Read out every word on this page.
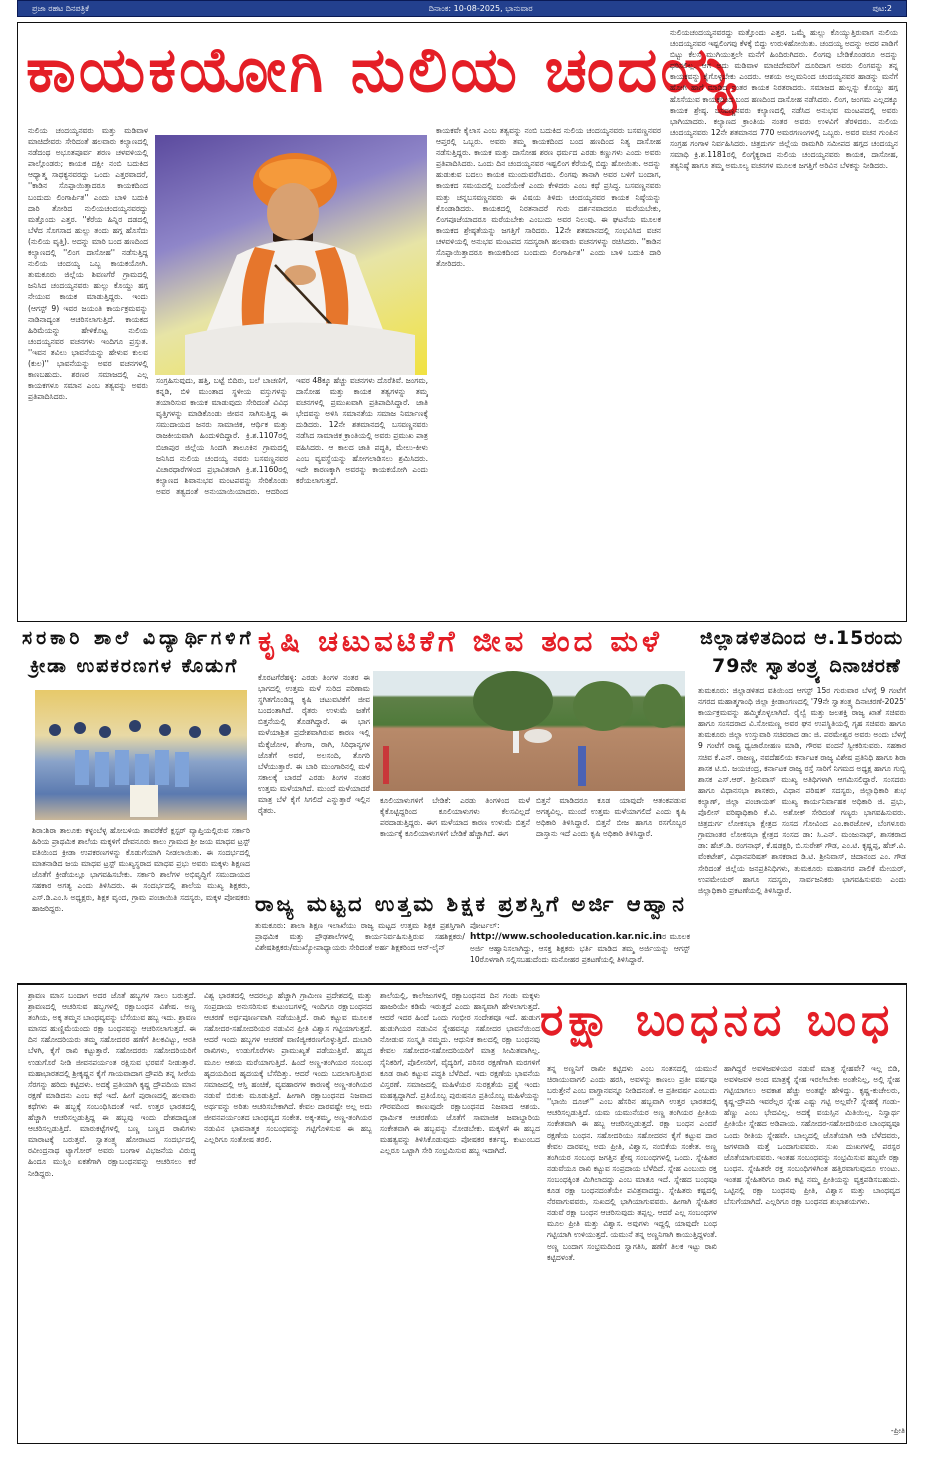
ಪ್ರಜಾ ರಹಟ ದಿನಪತ್ರಿಕೆ	ದಿನಾಂಕ: 10-08-2025, ಭಾನುವಾರ	ಪುಟ:2
ಕಾಯಕಯೋಗಿ ನುಲಿಯ ಚಂದಯ್ಯ
ನುಲಿಯ ಚಂದಯ್ಯನವರು ಮತ್ತು ಮಡಿವಾಳ ಮಾಚಿದೇವರು ಸೇರಿದಂತೆ ಹಲವಾರು ಕಲ್ಯಾಣದಲ್ಲಿ ನಡೆದಂಥ ಅಭೂತಪೂರ್ವ ಶರಣ ಚಳವಳಿಯಲ್ಲಿ ಪಾಲ್ಗೊಂಡರು; ಕಾಯಕ ದಕ್ಷೀ ನಂಬಿ ಬದುಕಿದ ಆಧ್ಯಾತ್ಮ ಸಾಧಕ್ಯನವರದ್ದು ಒಂದು ಎತ್ತರವಾದರೆ, ''ಕಾಡಿನ ಸೊಪ್ಪಾಯಿತ್ತಾದರೂ ಕಾಯಕದಿಂದ ಬಂದುದು ಲಿಂಗಾರ್ಪಿತ'' ಎಂದು ಬಾಳಿ ಬದುಕಿ ದಾರಿ ತೋರಿದ ನುಲಿಯಚಂದಯ್ಯನವರದ್ದು ಮತ್ತೊಂದು ಎತ್ತರ. ''ಕೆರೆಯ ಹಿನ್ನಿರ ದಡದಲ್ಲಿ ಬೆಳೆದ ಸೊಗಸಾದ ಹುಲ್ಲು ತಂದು ಹಗ್ಗ ಹೊಸೆದು (ನುಲಿಯ ವೃತ್ತಿ). ಅದನ್ನು ಮಾರಿ ಬಂದ ಹಣದಿಂದ ಕಲ್ಯಾಣದಲ್ಲಿ ''ಲಿಂಗ ದಾಸೋಹ'' ನಡೆಸುತ್ತಿದ್ದ ನುಲಿಯ ಚಂದಯ್ಯ ಒಬ್ಬ ಕಾಯಕಯೋಗಿ. ತುಮಕೂರು ಜಿಲ್ಲೆಯ ಶಿವಣಗೆರೆ ಗ್ರಾಮದಲ್ಲಿ ಜನಿಸಿದ ಚಂದಯ್ಯನವರು ಹುಲ್ಲು ಕೊಯ್ದು ಹಗ್ಗ ನೇಯುವ ಕಾಯಕ ಮಾಡುತ್ತಿದ್ದರು. ಇಂದು (ಆಗಸ್ಟ್ 9) ಇವರ ಜಯಂತಿ ಕಾರ್ಯಕ್ರಮವನ್ನು ನಾಡಿನಾದ್ಯಂತ ಆಚರಿಸಲಾಗುತ್ತಿದೆ. ಕಾಯಕದ ಹಿರಿಮೆಯನ್ನು ಹೇಳಿಕೊಟ್ಟ ನುಲಿಯ ಚಂದಯ್ಯನವರ ವಚನಗಳು ಇಂದಿಗೂ ಪ್ರಸ್ತುತ. ''ಇವನ ತವಿಲು ಭಾವನೆಯನ್ನು ಹೇಳುವ ಕುಲವ (ಕುಲ)'' ಭಾವನೆಯನ್ನು ಅವರ ವಚನಗಳಲ್ಲಿ ಕಾಣಬಹುದು. ಶರಣರ ಸಮಾಜದಲ್ಲಿ ಎಲ್ಲ ಕಾಯಕಗಳೂ ಸಮಾನ ಎಂಬ ತತ್ವವನ್ನು ಅವರು ಪ್ರತಿಪಾದಿಸಿದರು.
ಸಂಗ್ರಹಿಸುವುದು, ಹತ್ತಿ, ಬಟ್ಟೆ ಬಿದಿರು, ಬಲೆ ಬಾಚಣಿಗೆ, ಕನ್ನಡಿ, ಬಿಳಿ ಮುಂತಾದ ಸ್ಥಳೀಯ ವಸ್ತುಗಳನ್ನು ತಯಾರಿಸುವ ಕಾಯಕ ಮಾಡುವುದು ಸೇರಿದಂತೆ ವಿವಿಧ ವೃತ್ತಿಗಳನ್ನು ಮಾಡಿಕೊಂಡು ಜೀವನ ಸಾಗಿಸುತ್ತಿದ್ದ ಈ ಸಮುದಾಯದ ಜನರು ಸಾಮಾಜಿಕ, ಆರ್ಥಿಕ ಮತ್ತು ರಾಜಕೀಯವಾಗಿ ಹಿಂದುಳಿದಿದ್ದಾರೆ. ಕ್ರಿ.ಶ.1107ರಲ್ಲಿ ಬಿಜಾಪುರ ಜಿಲ್ಲೆಯ ಸಿಂದಗಿ ತಾಲೂಕಿನ ಗ್ರಾಮದಲ್ಲಿ ಜನಿಸಿದ ನುಲಿಯ ಚಂದಯ್ಯ ನವರು ಬಸವಣ್ಣನವರ ವಿಚಾರಧಾರೆಗಳಿಂದ ಪ್ರಭಾವಿತರಾಗಿ ಕ್ರಿ.ಶ.1160ರಲ್ಲಿ ಕಲ್ಯಾಣದ ಶಿವಾನುಭವ ಮಂಟಪವನ್ನು ಸೇರಿಕೊಂಡು ಅವರ ತತ್ವದಂತೆ ಅನುಯಾಯಿಯಾದರು. ಆದರಿಂದ ಇವರ 48ಕ್ಕೂ ಹೆಚ್ಚು ವಚನಗಳು ದೊರೆತಿವೆ. ಜಂಗಮ, ದಾಸೋಹ ಮತ್ತು ಕಾಯಕ ತತ್ವಗಳನ್ನು ತಮ್ಮ ವಚನಗಳಲ್ಲಿ ಪ್ರಮುಖವಾಗಿ ಪ್ರತಿಪಾದಿಸಿದ್ದಾರೆ. ಜಾತಿ ಭೇದವನ್ನು ಅಳಿಸಿ ಸಮಾನತೆಯ ಸಮಾಜ ನಿರ್ಮಾಣಕ್ಕೆ ದುಡಿದರು. 12ನೇ ಶತಮಾನದಲ್ಲಿ ಬಸವಣ್ಣನವರು ನಡೆಸಿದ ಸಾಮಾಜಿಕ ಕ್ರಾಂತಿಯಲ್ಲಿ ಅವರು ಪ್ರಮುಖ ಪಾತ್ರ ವಹಿಸಿದರು. ಆ ಕಾಲದ ಜಾತಿ ಪದ್ಧತಿ, ಮೇಲು-ಕೀಳು ಎಂಬ ವ್ಯವಸ್ಥೆಯನ್ನು ಹೋಗಲಾಡಿಸಲು ಶ್ರಮಿಸಿದರು. ಇದೇ ಕಾರಣಕ್ಕಾಗಿ ಅವರನ್ನು ಕಾಯಕಯೋಗಿ ಎಂದು ಕರೆಯಲಾಗುತ್ತದೆ.
ಕಾಯಕವೇ ಕೈಲಾಸ ಎಂಬ ತತ್ವವನ್ನು ನಂಬಿ ಬದುಕಿದ ನುಲಿಯ ಚಂದಯ್ಯನವರು ಬಸವಣ್ಣನವರ ಆಪ್ತರಲ್ಲಿ ಒಬ್ಬರು. ಅವರು ತಮ್ಮ ಕಾಯಕದಿಂದ ಬಂದ ಹಣದಿಂದ ನಿತ್ಯ ದಾಸೋಹ ನಡೆಸುತ್ತಿದ್ದರು. ಕಾಯಕ ಮತ್ತು ದಾಸೋಹ ಶರಣ ಧರ್ಮದ ಎರಡು ಕಣ್ಣುಗಳು ಎಂದು ಅವರು ಪ್ರತಿಪಾದಿಸಿದರು. ಒಂದು ದಿನ ಚಂದಯ್ಯನವರ ಇಷ್ಟಲಿಂಗ ಕೆರೆಯಲ್ಲಿ ಬಿದ್ದು ಹೋಯಿತು. ಅದನ್ನು ಹುಡುಕುವ ಬದಲು ಕಾಯಕ ಮುಂದುವರೆಸಿದರು. ಲಿಂಗವು ತಾನಾಗಿ ಅವರ ಬಳಿಗೆ ಬಂದಾಗ, ಕಾಯಕದ ಸಮಯದಲ್ಲಿ ಬಂದೆಯೇಕೆ ಎಂದು ಕೇಳಿದರು ಎಂಬ ಕಥೆ ಪ್ರಸಿದ್ಧ. ಬಸವಣ್ಣನವರು ಮತ್ತು ಚನ್ನಬಸವಣ್ಣನವರು ಈ ವಿಷಯ ತಿಳಿದು ಚಂದಯ್ಯನವರ ಕಾಯಕ ನಿಷ್ಠೆಯನ್ನು ಕೊಂಡಾಡಿದರು. ಕಾಯಕದಲ್ಲಿ ನಿರತನಾದರೆ ಗುರು ದರ್ಶನವಾದರೂ ಮರೆಯಬೇಕು, ಲಿಂಗಪೂಜೆಯಾದರೂ ಮರೆಯಬೇಕು ಎಂಬುದು ಅವರ ನಿಲುವು. ಈ ಘಟನೆಯ ಮೂಲಕ ಕಾಯಕದ ಶ್ರೇಷ್ಠತೆಯನ್ನು ಜಗತ್ತಿಗೆ ಸಾರಿದರು. 12ನೇ ಶತಮಾನದಲ್ಲಿ ಸಂಭವಿಸಿದ ವಚನ ಚಳವಳಿಯಲ್ಲಿ ಅನುಭವ ಮಂಟಪದ ಸದಸ್ಯರಾಗಿ ಹಲವಾರು ವಚನಗಳನ್ನು ರಚಿಸಿದರು. ''ಕಾಡಿನ ಸೊಪ್ಪಾಯಿತ್ತಾದರೂ ಕಾಯಕದಿಂದ ಬಂದುದು ಲಿಂಗಾರ್ಪಿತ'' ಎಂದು ಬಾಳಿ ಬದುಕಿ ದಾರಿ ತೋರಿದರು.
ನುಲಿಯಚಂದಯ್ಯನವರದ್ದು ಮತ್ತೊಂದು ಎತ್ತರ. ಒಮ್ಮೆ ಹುಲ್ಲು ಕೊಯ್ಯುತ್ತಿರುವಾಗ ನುಲಿಯ ಚಂದಯ್ಯನವರ ಇಷ್ಟಲಿಂಗವು ಕೆಳಕ್ಕೆ ಬಿದ್ದು ಉರುಳಿಹೋಯಿತು. ಚಂದಯ್ಯ ಅದನ್ನು ಅದರ ಪಾಡಿಗೆ ಬಿಟ್ಟು ಕೆಲಸ ಮುಗಿಯುತ್ತಲೇ ಮನೆಗೆ ಹಿಂದಿರುಗಿದರು. ಲಿಂಗವು ಬೇಡಿಕೊಂಡರೂ ಅದನ್ನು ಧರಿಸಲಿಲ್ಲ. ಆಗ ಅದು ಮಡಿವಾಳ ಮಾಚಿದೇವರಿಗೆ ದೂರಿದಾಗ ಅವರು ಲಿಂಗವನ್ನು ತನ್ನ ಕಾಯಕವನ್ನು ಕೈಗೊಳ್ಳಬೇಕು ಎಂದರು. ಆಶಯ ಅಲ್ಲಮನಿಂದ ಚಂದಯ್ಯನವರ ಹಾಡನ್ನು ಮನೆಗೆ ಹೋಗಿ ಹಾಗೆ ಮಾಡಿದ ನಂತರ ಕಾಯಕ ನಿರತರಾದರು. ಸಮಾಜದ ಹುಲ್ಲನ್ನು ಕೊಯ್ದು ಹಗ್ಗ ಹೊಸೆಯುವ ಕಾಯಕದಿಂದ ಬಂದ ಹಣದಿಂದ ದಾಸೋಹ ನಡೆಸಿದರು. ಲಿಂಗ, ಜಂಗಮ ಎಲ್ಲದಕ್ಕೂ ಕಾಯಕ ಶ್ರೇಷ್ಠ. ಬಸವಣ್ಣನವರು ಕಲ್ಯಾಣದಲ್ಲಿ ನಡೆಸಿದ ಅನುಭವ ಮಂಟಪದಲ್ಲಿ ಅವರು ಭಾಗಿಯಾದರು. ಕಲ್ಯಾಣದ ಕ್ರಾಂತಿಯ ನಂತರ ಅವರು ಉಳವಿಗೆ ತೆರಳಿದರು. ನುಲಿಯ ಚಂದಯ್ಯನವರು 12ನೇ ಶತಮಾನದ 770 ಅಮರಗಣಂಗಳಲ್ಲಿ ಒಬ್ಬರು. ಅವರ ವಚನ ಗುಂಪಿನ ಸಂಗ್ರಹ ಗಂಗಾಳ ನಿರ್ವಹಿಸಿದರು. ಚಿತ್ರದುರ್ಗ ಜಿಲ್ಲೆಯ ರಾಮಗಿರಿ ಸಮೀಪದ ಹಗ್ಗದ ಚಂದಯ್ಯನ ಸಮಾಧಿ ಕ್ರಿ.ಶ.1181ರಲ್ಲಿ ಲಿಂಗೈಕ್ಯರಾದ ನುಲಿಯ ಚಂದಯ್ಯನವರು ಕಾಯಕ, ದಾಸೋಹ, ತತ್ವನಿಷ್ಠೆ ಹಾಗೂ ತಮ್ಮ ಅಮೂಲ್ಯ ವಚನಗಳ ಮೂಲಕ ಜಗತ್ತಿಗೆ ಅರಿವಿನ ಬೆಳಕನ್ನು ನೀಡಿದರು.
ಸರಕಾರಿ ಶಾಲೆ ವಿದ್ಯಾರ್ಥಿಗಳಿಗೆ
ಕ್ರೀಡಾ ಉಪಕರಣಗಳ ಕೊಡುಗೆ
ಶಿರಾ:ಶಿರಾ ತಾಲೂಕು ಕಳ್ಳಂಬೆಳ್ಳ ಹೋಬಳಿಯ ತಾವರೆಕೆರೆ ಕ್ಲಸ್ಟರ್ ವ್ಯಾಪ್ತಿಯಲ್ಲಿರುವ ಸರ್ಕಾರಿ ಹಿರಿಯ ಪ್ರಾಥಮಿಕ ಶಾಲೆಯ ಮಕ್ಕಳಿಗೆ ದೇವನೂರು ಕಾಲು ಗ್ರಾಮದ ಶ್ರೀ ಜಯ ಮಾಧವ ಟ್ರಸ್ಟ್ ವತಿಯಿಂದ ಕ್ರೀಡಾ ಉಪಕರಣಗಳನ್ನು ಕೊಡುಗೆಯಾಗಿ ನೀಡಲಾಯಿತು. ಈ ಸಂದರ್ಭದಲ್ಲಿ ಮಾತನಾಡಿದ ಜಯ ಮಾಧವ ಟ್ರಸ್ಟ್ ಮುಖ್ಯಸ್ಥರಾದ ಮಾಧವ ಪ್ರಭು ಅವರು ಮಕ್ಕಳು ಶಿಕ್ಷಣದ ಜೊತೆಗೆ ಕ್ರೀಡೆಯಲ್ಲೂ ಭಾಗವಹಿಸಬೇಕು. ಸರ್ಕಾರಿ ಶಾಲೆಗಳ ಅಭಿವೃದ್ಧಿಗೆ ಸಮುದಾಯದ ಸಹಕಾರ ಅಗತ್ಯ ಎಂದು ತಿಳಿಸಿದರು. ಈ ಸಂದರ್ಭದಲ್ಲಿ ಶಾಲೆಯ ಮುಖ್ಯ ಶಿಕ್ಷಕರು, ಎಸ್.ಡಿ.ಎಂ.ಸಿ ಅಧ್ಯಕ್ಷರು, ಶಿಕ್ಷಕ ವೃಂದ, ಗ್ರಾಮ ಪಂಚಾಯಿತಿ ಸದಸ್ಯರು, ಮಕ್ಕಳ ಪೋಷಕರು ಹಾಜರಿದ್ದರು.
ಕೃಷಿ ಚಟುವಟಿಕೆಗೆ ಜೀವ ತಂದ ಮಳೆ
ಕೊರಟಗೆರೆಹಳ್ಳಿ: ಎರಡು ತಿಂಗಳ ನಂತರ ಈ ಭಾಗದಲ್ಲಿ ಉತ್ತಮ ಮಳೆ ಸುರಿದ ಪರಿಣಾಮ ಸ್ಥಗಿತಗೊಂಡಿದ್ದ ಕೃಷಿ ಚಟುವಟಿಕೆಗೆ ಜೀವ ಬಂದಂತಾಗಿದೆ. ರೈತರು ಉಳುಮೆ ಜತೆಗೆ ಬಿತ್ತನೆಯಲ್ಲಿ ತೊಡಗಿದ್ದಾರೆ. ಈ ಭಾಗ ಮಳೆಯಾಶ್ರಿತ ಪ್ರದೇಶವಾಗಿರುವ ಕಾರಣ ಇಲ್ಲಿ ಮೆಕ್ಕೆಜೋಳ, ಶೇಂಗಾ, ರಾಗಿ, ಸಿರಿಧಾನ್ಯಗಳ ಜೊತೆಗೆ ಅವರೆ, ಅಲಸಂದಿ, ತೊಗರಿ ಬೆಳೆಯುತ್ತಾರೆ. ಈ ಬಾರಿ ಮುಂಗಾರಿನಲ್ಲಿ ಮಳೆ ಸಕಾಲಕ್ಕೆ ಬಾರದೆ ಎರಡು ತಿಂಗಳ ನಂತರ ಉತ್ತಮ ಮಳೆಯಾಗಿದೆ. ಮುಂದೆ ಮಳೆಯಾದರೆ ಮಾತ್ರ ಬೆಳೆ ಕೈಗೆ ಸಿಗಲಿದೆ ಎನ್ನುತ್ತಾರೆ ಇಲ್ಲಿನ ರೈತರು.
ಕೂಲಿಯಾಳುಗಳಿಗೆ ಬೇಡಿಕೆ: ಎರಡು ತಿಂಗಳಿಂದ ಮಳೆ ಕೈಕೊಟ್ಟಿದ್ದರಿಂದ ಕೂಲಿಯಾಳುಗಳು ಕೆಲಸವಿಲ್ಲದೆ ಪರದಾಡುತ್ತಿದ್ದರು. ಈಗ ಮಳೆಯಾದ ಕಾರಣ ಉಳುಮೆ ಬಿತ್ತನೆ ಕಾರ್ಯಕ್ಕೆ ಕೂಲಿಯಾಳುಗಳಿಗೆ ಬೇಡಿಕೆ ಹೆಚ್ಚಾಗಿದೆ. ಈಗ
ಬಿತ್ತನೆ ಮಾಡಿದರೂ ಕೂಡ ಯಾವುದೇ ಆತಂಕಪಡುವ ಅಗತ್ಯವಿಲ್ಲ. ಮುಂದೆ ಉತ್ತಮ ಮಳೆಯಾಗಲಿದೆ ಎಂದು ಕೃಷಿ ಅಧಿಕಾರಿ ತಿಳಿಸಿದ್ದಾರೆ. ಬಿತ್ತನೆ ಬೀಜ ಹಾಗೂ ರಸಗೊಬ್ಬರ ದಾಸ್ತಾನು ಇದೆ ಎಂದು ಕೃಷಿ ಅಧಿಕಾರಿ ತಿಳಿಸಿದ್ದಾರೆ.
ರಾಜ್ಯ ಮಟ್ಟದ ಉತ್ತಮ ಶಿಕ್ಷಕ ಪ್ರಶಸ್ತಿಗೆ ಅರ್ಜಿ ಆಹ್ವಾನ
ತುಮಕೂರು: ಶಾಲಾ ಶಿಕ್ಷಣ ಇಲಾಖೆಯು ರಾಜ್ಯ ಮಟ್ಟದ ಉತ್ತಮ ಶಿಕ್ಷಕ ಪ್ರಶಸ್ತಿಗಾಗಿ ಪ್ರಾಥಮಿಕ ಮತ್ತು ಪ್ರೌಢಶಾಲೆಗಳಲ್ಲಿ ಕಾರ್ಯನಿರ್ವಹಿಸುತ್ತಿರುವ ಸಹಶಿಕ್ಷಕರು/ವಿಶೇಷಶಿಕ್ಷಕರು/ಮುಖ್ಯೋಪಾಧ್ಯಾಯರು ಸೇರಿದಂತೆ ಅರ್ಹ ಶಿಕ್ಷಕರಿಂದ ಆನ್-ಲೈನ್
ಪೋರ್ಟಲ್: http://www.schooleducation.kar.nic.inರ ಮೂಲಕ ಅರ್ಜಿ ಆಹ್ವಾನಿಸಲಾಗಿದ್ದು, ಆಸಕ್ತ ಶಿಕ್ಷಕರು ಭರ್ತಿ ಮಾಡಿದ ತಮ್ಮ ಅರ್ಜಿಯನ್ನು ಆಗಸ್ಟ್ 10ರೊಳಗಾಗಿ ಸಲ್ಲಿಸಬಹುದೆಂದು ಮನೋಹರ ಪ್ರಕಟಣೆಯಲ್ಲಿ ತಿಳಿಸಿದ್ದಾರೆ.
ಜಿಲ್ಲಾಡಳಿತದಿಂದ ಆ.15ರಂದು
79ನೇ ಸ್ವಾತಂತ್ರ್ಯ ದಿನಾಚರಣೆ
ತುಮಕೂರು: ಜಿಲ್ಲಾಡಳಿತದ ವತಿಯಿಂದ ಆಗಸ್ಟ್ 15ರ ಗುರುವಾರ ಬೆಳಗ್ಗೆ 9 ಗಂಟೆಗೆ ನಗರದ ಮಹಾತ್ಮಗಾಂಧಿ ಜಿಲ್ಲಾ ಕ್ರೀಡಾಂಗಣದಲ್ಲಿ '79ನೇ ಸ್ವಾತಂತ್ರ್ಯ ದಿನಾಚರಣೆ-2025' ಕಾರ್ಯಕ್ರಮವನ್ನು ಹಮ್ಮಿಕೊಳ್ಳಲಾಗಿದೆ. ರೈಲ್ವೆ ಮತ್ತು ಜಲಶಕ್ತಿ ರಾಜ್ಯ ಖಾತೆ ಸಚಿವರು ಹಾಗೂ ಸಂಸದರಾದ ವಿ.ಸೋಮಣ್ಣ ಅವರ ಘನ ಉಪಸ್ಥಿತಿಯಲ್ಲಿ ಗೃಹ ಸಚಿವರು ಹಾಗೂ ತುಮಕೂರು ಜಿಲ್ಲಾ ಉಸ್ತುವಾರಿ ಸಚಿವರಾದ ಡಾ: ಜಿ. ಪರಮೇಶ್ವರ ಅವರು ಅಂದು ಬೆಳಗ್ಗೆ 9 ಗಂಟೆಗೆ ರಾಷ್ಟ್ರ ಧ್ವಜಾರೋಹಣ ಮಾಡಿ, ಗೌರವ ವಂದನೆ ಸ್ವೀಕರಿಸುವರು. ಸಹಕಾರ ಸಚಿವ ಕೆ.ಎನ್. ರಾಜಣ್ಣ, ನವದೆಹಲಿಯ ಕರ್ನಾಟಕ ರಾಜ್ಯ ವಿಶೇಷ ಪ್ರತಿನಿಧಿ ಹಾಗೂ ಶಿರಾ ಶಾಸಕ ಟಿ.ಬಿ. ಜಯಚಂದ್ರ, ಕರ್ನಾಟಕ ರಾಜ್ಯ ರಸ್ತೆ ಸಾರಿಗೆ ನಿಗಮದ ಅಧ್ಯಕ್ಷ ಹಾಗೂ ಗುಬ್ಬಿ ಶಾಸಕ ಎಸ್.ಆರ್. ಶ್ರೀನಿವಾಸ್ ಮುಖ್ಯ ಅತಿಥಿಗಳಾಗಿ ಆಗಮಿಸಲಿದ್ದಾರೆ. ಸಂಸದರು ಹಾಗೂ ವಿಧಾನಸಭಾ ಶಾಸಕರು, ವಿಧಾನ ಪರಿಷತ್ ಸದಸ್ಯರು, ಜಿಲ್ಲಾಧಿಕಾರಿ ಶುಭ ಕಲ್ಯಾಣ್, ಜಿಲ್ಲಾ ಪಂಚಾಯತ್ ಮುಖ್ಯ ಕಾರ್ಯನಿರ್ವಾಹಕ ಅಧಿಕಾರಿ ಜಿ. ಪ್ರಭು, ಪೊಲೀಸ್ ವರಿಷ್ಠಾಧಿಕಾರಿ ಕೆ.ವಿ. ಅಶೋಕ್ ಸೇರಿದಂತೆ ಗಣ್ಯರು ಭಾಗವಹಿಸುವರು. ಚಿತ್ರದುರ್ಗ ಲೋಕಸಭಾ ಕ್ಷೇತ್ರದ ಸಂಸದ ಗೋವಿಂದ ಎಂ.ಕಾರಜೋಳ, ಬೆಂಗಳೂರು ಗ್ರಾಮಾಂತರ ಲೋಕಸಭಾ ಕ್ಷೇತ್ರದ ಸಂಸದ ಡಾ: ಸಿ.ಎನ್. ಮಂಜುನಾಥ್, ಶಾಸಕರಾದ ಡಾ: ಹೆಚ್.ಡಿ. ರಂಗನಾಥ್, ಕೆ.ಷಡಕ್ಷರಿ, ಬಿ.ಸುರೇಶ್ ಗೌಡ, ಎಂ.ಟಿ. ಕೃಷ್ಣಪ್ಪ, ಹೆಚ್.ವಿ. ವೆಂಕಟೇಶ್, ವಿಧಾನಪರಿಷತ್ ಶಾಸಕರಾದ ಡಿ.ಟಿ. ಶ್ರೀನಿವಾಸ್, ಚಿದಾನಂದ ಎಂ. ಗೌಡ ಸೇರಿದಂತೆ ಜಿಲ್ಲೆಯ ಜನಪ್ರತಿನಿಧಿಗಳು, ತುಮಕೂರು ಮಹಾನಗರ ಪಾಲಿಕೆ ಮೇಯರ್, ಉಪಮೇಯರ್ ಹಾಗೂ ಸದಸ್ಯರು, ಸಾರ್ವಜನಿಕರು ಭಾಗವಹಿಸುವರು ಎಂದು ಜಿಲ್ಲಾಧಿಕಾರಿ ಪ್ರಕಟಣೆಯಲ್ಲಿ ತಿಳಿಸಿದ್ದಾರೆ.
ರಕ್ಷಾ ಬಂಧನದ ಬಂಧ
ಶ್ರಾವಣ ಮಾಸ ಬಂದಾಗ ಅದರ ಜೊತೆ ಹಬ್ಬಗಳ ಸಾಲು ಬರುತ್ತದೆ. ಶ್ರಾವಣದಲ್ಲಿ ಆಚರಿಸುವ ಹಬ್ಬಗಳಲ್ಲಿ ರಕ್ಷಾಬಂಧನ ವಿಶೇಷ. ಅಣ್ಣ ತಂಗಿಯ, ಅಕ್ಕ ತಮ್ಮನ ಬಾಂಧವ್ಯವನ್ನು ಬೆಸೆಯುವ ಹಬ್ಬ ಇದು. ಶ್ರಾವಣ ಮಾಸದ ಹುಣ್ಣಿಮೆಯಂದು ರಕ್ಷಾ ಬಂಧನವನ್ನು ಆಚರಿಸಲಾಗುತ್ತದೆ. ಈ ದಿನ ಸಹೋದರಿಯರು ತಮ್ಮ ಸಹೋದರರ ಹಣೆಗೆ ತಿಲಕವಿಟ್ಟು, ಆರತಿ ಬೆಳಗಿ, ಕೈಗೆ ರಾಖಿ ಕಟ್ಟುತ್ತಾರೆ. ಸಹೋದರರು ಸಹೋದರಿಯರಿಗೆ ಉಡುಗೊರೆ ನೀಡಿ ಜೀವನಪರ್ಯಂತ ರಕ್ಷಿಸುವ ಭರವಸೆ ನೀಡುತ್ತಾರೆ. ಮಹಾಭಾರತದಲ್ಲಿ ಶ್ರೀಕೃಷ್ಣನ ಕೈಗೆ ಗಾಯವಾದಾಗ ದ್ರೌಪದಿ ತನ್ನ ಸೀರೆಯ ಸೆರಗನ್ನು ಹರಿದು ಕಟ್ಟಿದಳು. ಅದಕ್ಕೆ ಪ್ರತಿಯಾಗಿ ಕೃಷ್ಣ ದ್ರೌಪದಿಯ ಮಾನ ರಕ್ಷಣೆ ಮಾಡಿದನು ಎಂಬ ಕಥೆ ಇದೆ. ಹೀಗೆ ಪುರಾಣದಲ್ಲಿ ಹಲವಾರು ಕಥೆಗಳು ಈ ಹಬ್ಬಕ್ಕೆ ಸಂಬಂಧಿಸಿದಂತೆ ಇವೆ. ಉತ್ತರ ಭಾರತದಲ್ಲಿ ಹೆಚ್ಚಾಗಿ ಆಚರಿಸಲ್ಪಡುತ್ತಿದ್ದ ಈ ಹಬ್ಬವು ಇಂದು ದೇಶದಾದ್ಯಂತ ಆಚರಿಸಲ್ಪಡುತ್ತಿದೆ. ಮಾರುಕಟ್ಟೆಗಳಲ್ಲಿ ಬಣ್ಣ ಬಣ್ಣದ ರಾಖಿಗಳು ಮಾರಾಟಕ್ಕೆ ಬರುತ್ತವೆ. ಸ್ವಾತಂತ್ರ್ಯ ಹೋರಾಟದ ಸಂದರ್ಭದಲ್ಲಿ ರವೀಂದ್ರನಾಥ ಟ್ಯಾಗೋರ್ ಅವರು ಬಂಗಾಳ ವಿಭಜನೆಯ ವಿರುದ್ಧ ಹಿಂದೂ ಮುಸ್ಲಿಂ ಏಕತೆಗಾಗಿ ರಕ್ಷಾಬಂಧನವನ್ನು ಆಚರಿಸಲು ಕರೆ ನೀಡಿದ್ದರು.
ವಿಶ್ವ ಭಾರತದಲ್ಲಿ ಆದರಲ್ಲೂ ಹೆಚ್ಚಾಗಿ ಗ್ರಾಮೀಣ ಪ್ರದೇಶದಲ್ಲಿ ಮತ್ತು ಸಂಪ್ರದಾಯ ಅನುಸರಿಸುವ ಕುಟುಂಬಗಳಲ್ಲಿ ಇಂದಿಗೂ ರಕ್ಷಾಬಂಧನದ ಆಚರಣೆ ಅರ್ಥಪೂರ್ಣವಾಗಿ ನಡೆಯುತ್ತಿದೆ. ರಾಖಿ ಕಟ್ಟುವ ಮೂಲಕ ಸಹೋದರ-ಸಹೋದರಿಯರ ನಡುವಿನ ಪ್ರೀತಿ ವಿಶ್ವಾಸ ಗಟ್ಟಿಯಾಗುತ್ತದೆ. ಆದರೆ ಇಂದು ಹಬ್ಬಗಳ ಆಚರಣೆ ವಾಣಿಜ್ಯೀಕರಣಗೊಳ್ಳುತ್ತಿದೆ. ದುಬಾರಿ ರಾಖಿಗಳು, ಉಡುಗೊರೆಗಳು ಪ್ರಾಮುಖ್ಯತೆ ಪಡೆಯುತ್ತಿವೆ. ಹಬ್ಬದ ಮೂಲ ಆಶಯ ಮರೆಯಾಗುತ್ತಿದೆ. ಹಿಂದೆ ಅಣ್ಣ-ತಂಗಿಯರ ಸಂಬಂಧ ಹೃದಯದಿಂದ ಹೃದಯಕ್ಕೆ ಬೆಸೆದಿತ್ತು. ಆದರೆ ಇಂದು ಬದಲಾಗುತ್ತಿರುವ ಸಮಾಜದಲ್ಲಿ ಆಸ್ತಿ ಹಂಚಿಕೆ, ವ್ಯವಹಾರಗಳ ಕಾರಣಕ್ಕೆ ಅಣ್ಣ-ತಂಗಿಯರ ನಡುವೆ ಬಿರುಕು ಮೂಡುತ್ತಿದೆ. ಹೀಗಾಗಿ ರಕ್ಷಾಬಂಧನದ ನಿಜವಾದ ಅರ್ಥವನ್ನು ಅರಿತು ಆಚರಿಸಬೇಕಾಗಿದೆ. ಕೇವಲ ದಾರವಷ್ಟೇ ಅಲ್ಲ ಅದು ಜೀವನಪರ್ಯಂತದ ಬಾಂಧವ್ಯದ ಸಂಕೇತ. ಅಕ್ಕ-ತಮ್ಮ, ಅಣ್ಣ-ತಂಗಿಯರ ನಡುವಿನ ಭಾವನಾತ್ಮಕ ಸಂಬಂಧವನ್ನು ಗಟ್ಟಿಗೊಳಿಸುವ ಈ ಹಬ್ಬ ಎಲ್ಲರಿಗೂ ಸಂತೋಷ ತರಲಿ.
ಶಾಲೆಯಲ್ಲಿ, ಕಾಲೇಜುಗಳಲ್ಲಿ ರಕ್ಷಾಬಂಧನದ ದಿನ ಗಂಡು ಮಕ್ಕಳು ಹಾಜರಿಯೇ ಕಡಿಮೆ ಇರುತ್ತದೆ ಎಂದು ಹಾಸ್ಯವಾಗಿ ಹೇಳಲಾಗುತ್ತದೆ. ಆದರೆ ಇದರ ಹಿಂದೆ ಒಂದು ಗಂಭೀರ ಸಂದೇಶವೂ ಇದೆ. ಹುಡುಗ ಹುಡುಗಿಯರ ನಡುವಿನ ಸ್ನೇಹವನ್ನೂ ಸಹೋದರ ಭಾವನೆಯಿಂದ ನೋಡುವ ಸಂಸ್ಕೃತಿ ನಮ್ಮದು. ಆಧುನಿಕ ಕಾಲದಲ್ಲಿ ರಕ್ಷಾ ಬಂಧನವು ಕೇವಲ ಸಹೋದರ-ಸಹೋದರಿಯರಿಗೆ ಮಾತ್ರ ಸೀಮಿತವಾಗಿಲ್ಲ. ಸೈನಿಕರಿಗೆ, ಪೊಲೀಸರಿಗೆ, ವೈದ್ಯರಿಗೆ, ಪರಿಸರ ರಕ್ಷಣೆಗಾಗಿ ಮರಗಳಿಗೆ ಕೂಡ ರಾಖಿ ಕಟ್ಟುವ ಪದ್ಧತಿ ಬೆಳೆದಿದೆ. ಇದು ರಕ್ಷಣೆಯ ಭಾವನೆಯ ವಿಸ್ತರಣೆ. ಸಮಾಜದಲ್ಲಿ ಮಹಿಳೆಯರ ಸುರಕ್ಷತೆಯ ಪ್ರಶ್ನೆ ಇಂದು ಮಹತ್ವದ್ದಾಗಿದೆ. ಪ್ರತಿಯೊಬ್ಬ ಪುರುಷನೂ ಪ್ರತಿಯೊಬ್ಬ ಮಹಿಳೆಯನ್ನು ಗೌರವದಿಂದ ಕಾಣುವುದೇ ರಕ್ಷಾಬಂಧನದ ನಿಜವಾದ ಆಶಯ. ಧಾರ್ಮಿಕ ಆಚರಣೆಯ ಜೊತೆಗೆ ಸಾಮಾಜಿಕ ಜವಾಬ್ದಾರಿಯ ಸಂಕೇತವಾಗಿ ಈ ಹಬ್ಬವನ್ನು ನೋಡಬೇಕು. ಮಕ್ಕಳಿಗೆ ಈ ಹಬ್ಬದ ಮಹತ್ವವನ್ನು ತಿಳಿಸಿಕೊಡುವುದು ಪೋಷಕರ ಕರ್ತವ್ಯ. ಕುಟುಂಬದ ಎಲ್ಲರೂ ಒಟ್ಟಾಗಿ ಸೇರಿ ಸಂಭ್ರಮಿಸುವ ಹಬ್ಬ ಇದಾಗಿದೆ.
ತನ್ನ ಅಣ್ಣನಿಗೆ ರಾಖೀ ಕಟ್ಟಿದಳು ಎಂಬ ಸಂತಸದಲ್ಲಿ ಯಮುನೆ ಚಿರಾಯುವಾಗಲಿ ಎಂದು ಹರಸಿ, ಅವಳನ್ನು ಕಾಣಲು ಪ್ರತೀ ವರ್ಷವೂ ಬರುತ್ತೇನೆ ಎಂಬ ವಾಗ್ದಾನವನ್ನೂ ನೀಡಿದನಂತೆ. ಆ ಪ್ರತೀವರ್ಷ ಎಂಬುದು ''ಭಾಯಿ ದೂಜ್'' ಎಂಬ ಹೆಸರಿನ ಹಬ್ಬವಾಗಿ ಉತ್ತರ ಭಾರತದಲ್ಲಿ ಆಚರಿಸಲ್ಪಡುತ್ತಿದೆ. ಯಮ ಯಮುನೆಯರ ಅಣ್ಣ ತಂಗಿಯರ ಪ್ರೀತಿಯ ಸಂಕೇತವಾಗಿ ಈ ಹಬ್ಬ ಆಚರಿಸಲ್ಪಡುತ್ತದೆ. ರಕ್ಷಾ ಬಂಧನ ಎಂದರೆ ರಕ್ಷಣೆಯ ಬಂಧನ. ಸಹೋದರಿಯು ಸಹೋದರನ ಕೈಗೆ ಕಟ್ಟುವ ದಾರ ಕೇವಲ ದಾರವಲ್ಲ ಅದು ಪ್ರೀತಿ, ವಿಶ್ವಾಸ, ನಂಬಿಕೆಯ ಸಂಕೇತ. ಅಣ್ಣ ತಂಗಿಯರ ಸಂಬಂಧ ಜಗತ್ತಿನ ಶ್ರೇಷ್ಠ ಸಂಬಂಧಗಳಲ್ಲಿ ಒಂದು. ಸ್ನೇಹಿತರ ನಡುವೆಯೂ ರಾಖಿ ಕಟ್ಟುವ ಸಂಪ್ರದಾಯ ಬೆಳೆದಿದೆ. ಸ್ನೇಹ ಎಂಬುದು ರಕ್ತ ಸಂಬಂಧಕ್ಕಿಂತ ಮಿಗಿಲಾದದ್ದು ಎಂಬ ಮಾತೂ ಇದೆ. ಸ್ನೇಹದ ಬಂಧವೂ ಕೂಡ ರಕ್ಷಾ ಬಂಧನದಂತೆಯೇ ಪವಿತ್ರವಾದದ್ದು. ಸ್ನೇಹಿತರು ಕಷ್ಟದಲ್ಲಿ ನೆರವಾಗುವವರು, ಸುಖದಲ್ಲಿ ಭಾಗಿಯಾಗುವವರು. ಹೀಗಾಗಿ ಸ್ನೇಹಿತರ ನಡುವೆ ರಕ್ಷಾ ಬಂಧನ ಆಚರಿಸುವುದು ತಪ್ಪಲ್ಲ. ಆದರೆ ಎಲ್ಲ ಸಂಬಂಧಗಳ ಮೂಲ ಪ್ರೀತಿ ಮತ್ತು ವಿಶ್ವಾಸ. ಅವುಗಳು ಇದ್ದಲ್ಲಿ ಯಾವುದೇ ಬಂಧ ಗಟ್ಟಿಯಾಗಿ ಉಳಿಯುತ್ತದೆ. ಯಮುನೆ ತನ್ನ ಅಣ್ಣನಿಗಾಗಿ ಕಾಯುತ್ತಿದ್ದಳಂತೆ. ಅಣ್ಣ ಬಂದಾಗ ಸಂಭ್ರಮದಿಂದ ಸ್ವಾಗತಿಸಿ, ಹಣೆಗೆ ತಿಲಕ ಇಟ್ಟು ರಾಖಿ ಕಟ್ಟಿದಳಂತೆ.
ಹಾಗಿದ್ದರೆ ಅವಳಿಜವಳಿಯರ ನಡುವೆ ಮಾತ್ರ ಸ್ನೇಹವೇ? ಇಲ್ಲ ಬಿಡಿ, ಅವಳಿಜವಳಿ ಅಂದ ಮಾತ್ರಕ್ಕೆ ಸ್ನೇಹ ಇರಲೇಬೇಕು ಅಂತೇನಿಲ್ಲ, ಅಲ್ಲಿ ಸ್ನೇಹ ಗಟ್ಟಿಯಾಗಲು ಅವಕಾಶ ಹೆಚ್ಚು ಅಂತಷ್ಟೇ ಹೇಳಿದ್ದು. ಕೃಷ್ಣ-ಕುಚೇಲರು, ಕೃಷ್ಣ-ದ್ರೌಪದಿ ಇವರೆಲ್ಲರ ಸ್ನೇಹ ಎಷ್ಟು ಗಟ್ಟಿ ಅಲ್ಲವೇ? ಸ್ನೇಹಕ್ಕೆ ಗಂಡು-ಹೆಣ್ಣು ಎಂಬ ಭೇದವಿಲ್ಲ. ಅದಕ್ಕೆ ವಯಸ್ಸಿನ ಮಿತಿಯಿಲ್ಲ. ನಿಸ್ವಾರ್ಥ ಪ್ರೀತಿಯೇ ಸ್ನೇಹದ ಅಡಿಪಾಯ. ಸಹೋದರ-ಸಹೋದರಿಯರ ಬಾಂಧವ್ಯವೂ ಒಂದು ರೀತಿಯ ಸ್ನೇಹವೇ. ಬಾಲ್ಯದಲ್ಲಿ ಜೊತೆಯಾಗಿ ಆಡಿ ಬೆಳೆದವರು, ಜಗಳವಾಡಿ ಮತ್ತೆ ಒಂದಾಗುವವರು. ಸುಖ ದುಃಖಗಳಲ್ಲಿ ಪರಸ್ಪರ ಜೊತೆಯಾಗುವವರು. ಇಂತಹ ಸಂಬಂಧವನ್ನು ಸಂಭ್ರಮಿಸುವ ಹಬ್ಬವೇ ರಕ್ಷಾ ಬಂಧನ. ಸ್ನೇಹಿತರೇ ರಕ್ತ ಸಂಬಂಧಿಗಳಿಗಿಂತ ಹತ್ತಿರವಾಗುವುದೂ ಉಂಟು. ಇಂತಹ ಸ್ನೇಹಿತರಿಗೂ ರಾಖಿ ಕಟ್ಟಿ ನಮ್ಮ ಪ್ರೀತಿಯನ್ನು ವ್ಯಕ್ತಪಡಿಸಬಹುದು. ಒಟ್ಟಿನಲ್ಲಿ ರಕ್ಷಾ ಬಂಧನವು ಪ್ರೀತಿ, ವಿಶ್ವಾಸ ಮತ್ತು ಬಾಂಧವ್ಯದ ಬೆಸುಗೆಯಾಗಿದೆ. ಎಲ್ಲರಿಗೂ ರಕ್ಷಾ ಬಂಧನದ ಶುಭಾಶಯಗಳು.
-ಪ್ರೀತಿ
